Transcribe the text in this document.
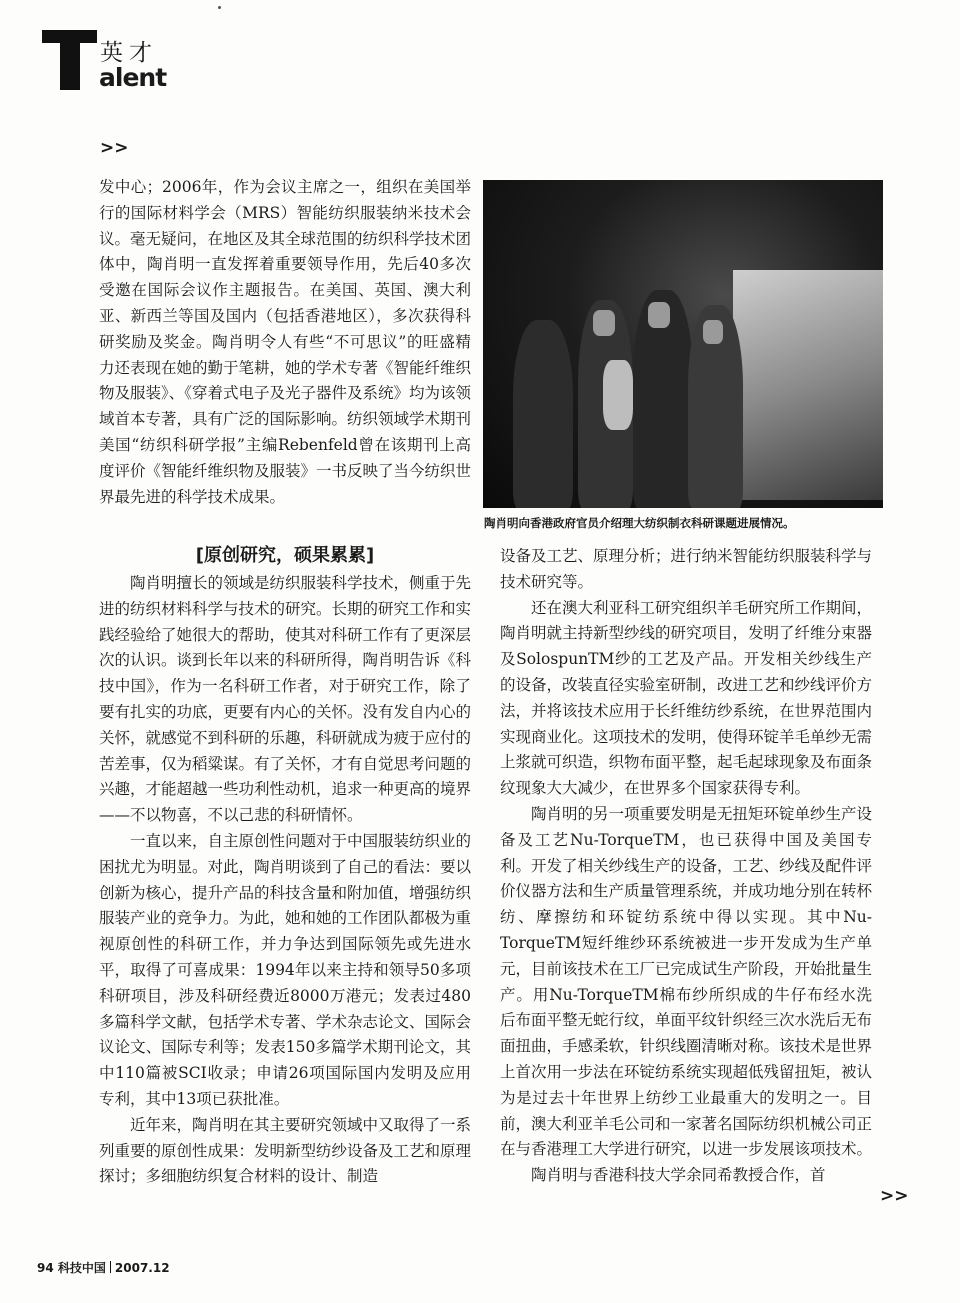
英才
alent
>>

发中心；2006年，作为会议主席之一，组织在美国举行的国际材料学会（MRS）智能纺织服装纳米技术会议。毫无疑问，在地区及其全球范围的纺织科学技术团体中，陶肖明一直发挥着重要领导作用，先后40多次受邀在国际会议作主题报告。在美国、英国、澳大利亚、新西兰等国及国内（包括香港地区），多次获得科研奖励及奖金。陶肖明令人有些“不可思议”的旺盛精力还表现在她的勤于笔耕，她的学术专著《智能纤维织物及服装》、《穿着式电子及光子器件及系统》均为该领域首本专著，具有广泛的国际影响。纺织领域学术期刊美国“纺织科研学报”主编Rebenfeld曾在该期刊上高度评价《智能纤维织物及服装》一书反映了当今纺织世界最先进的科学技术成果。

陶肖明向香港政府官员介绍理大纺织制衣科研课题进展情况。
[原创研究，硕果累累]

陶肖明擅长的领域是纺织服装科学技术，侧重于先进的纺织材料科学与技术的研究。长期的研究工作和实践经验给了她很大的帮助，使其对科研工作有了更深层次的认识。谈到长年以来的科研所得，陶肖明告诉《科技中国》，作为一名科研工作者，对于研究工作，除了要有扎实的功底，更要有内心的关怀。没有发自内心的关怀，就感觉不到科研的乐趣，科研就成为疲于应付的苦差事，仅为稻粱谋。有了关怀，才有自觉思考问题的兴趣，才能超越一些功利性动机，追求一种更高的境界——不以物喜，不以己悲的科研情怀。

一直以来，自主原创性问题对于中国服装纺织业的困扰尤为明显。对此，陶肖明谈到了自己的看法：要以创新为核心，提升产品的科技含量和附加值，增强纺织服装产业的竞争力。为此，她和她的工作团队都极为重视原创性的科研工作，并力争达到国际领先或先进水平，取得了可喜成果：1994年以来主持和领导50多项科研项目，涉及科研经费近8000万港元；发表过480多篇科学文献，包括学术专著、学术杂志论文、国际会议论文、国际专利等；发表150多篇学术期刊论文，其中110篇被SCI收录；申请26项国际国内发明及应用专利，其中13项已获批准。

近年来，陶肖明在其主要研究领域中又取得了一系列重要的原创性成果：发明新型纺纱设备及工艺和原理探讨；多细胞纺织复合材料的设计、制造

设备及工艺、原理分析；进行纳米智能纺织服装科学与技术研究等。

还在澳大利亚科工研究组织羊毛研究所工作期间，陶肖明就主持新型纱线的研究项目，发明了纤维分束器及SolospunTM纱的工艺及产品。开发相关纱线生产的设备，改装直径实验室研制，改进工艺和纱线评价方法，并将该技术应用于长纤维纺纱系统，在世界范围内实现商业化。这项技术的发明，使得环锭羊毛单纱无需上浆就可织造，织物布面平整，起毛起球现象及布面条纹现象大大减少，在世界多个国家获得专利。

陶肖明的另一项重要发明是无扭矩环锭单纱生产设备及工艺Nu-TorqueTM，也已获得中国及美国专利。开发了相关纱线生产的设备，工艺、纱线及配件评价仪器方法和生产质量管理系统，并成功地分别在转杯纺、摩擦纺和环锭纺系统中得以实现。其中Nu-TorqueTM短纤维纱环系统被进一步开发成为生产单元，目前该技术在工厂已完成试生产阶段，开始批量生产。用Nu-TorqueTM棉布纱所织成的牛仔布经水洗后布面平整无蛇行纹，单面平纹针织经三次水洗后无布面扭曲，手感柔软，针织线圈清晰对称。该技术是世界上首次用一步法在环锭纺系统实现超低残留扭矩，被认为是过去十年世界上纺纱工业最重大的发明之一。目前，澳大利亚羊毛公司和一家著名国际纺织机械公司正在与香港理工大学进行研究，以进一步发展该项技术。

陶肖明与香港科技大学余同希教授合作，首

>>
94 科技中国 2007.12
